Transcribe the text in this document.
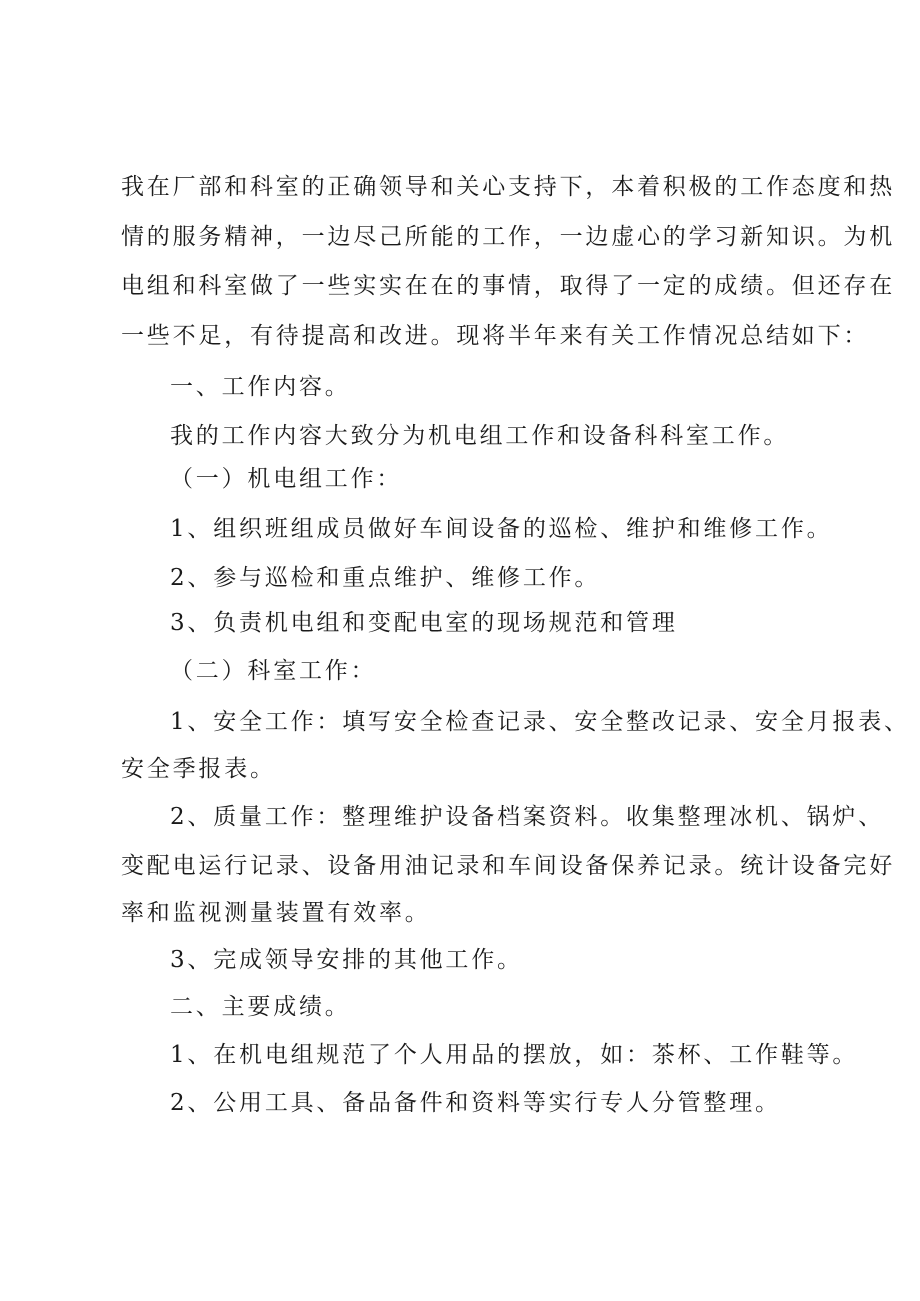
我在厂部和科室的正确领导和关心支持下，本着积极的工作态度和热
情的服务精神，一边尽己所能的工作，一边虚心的学习新知识。为机
电组和科室做了一些实实在在的事情，取得了一定的成绩。但还存在
一些不足，有待提高和改进。现将半年来有关工作情况总结如下：
一、工作内容。
我的工作内容大致分为机电组工作和设备科科室工作。
（一）机电组工作：
1、组织班组成员做好车间设备的巡检、维护和维修工作。
2、参与巡检和重点维护、维修工作。
3、负责机电组和变配电室的现场规范和管理
（二）科室工作：
1、安全工作：填写安全检查记录、安全整改记录、安全月报表、
安全季报表。
2、质量工作：整理维护设备档案资料。收集整理冰机、锅炉、
变配电运行记录、设备用油记录和车间设备保养记录。统计设备完好
率和监视测量装置有效率。
3、完成领导安排的其他工作。
二、主要成绩。
1、在机电组规范了个人用品的摆放，如：茶杯、工作鞋等。
2、公用工具、备品备件和资料等实行专人分管整理。
